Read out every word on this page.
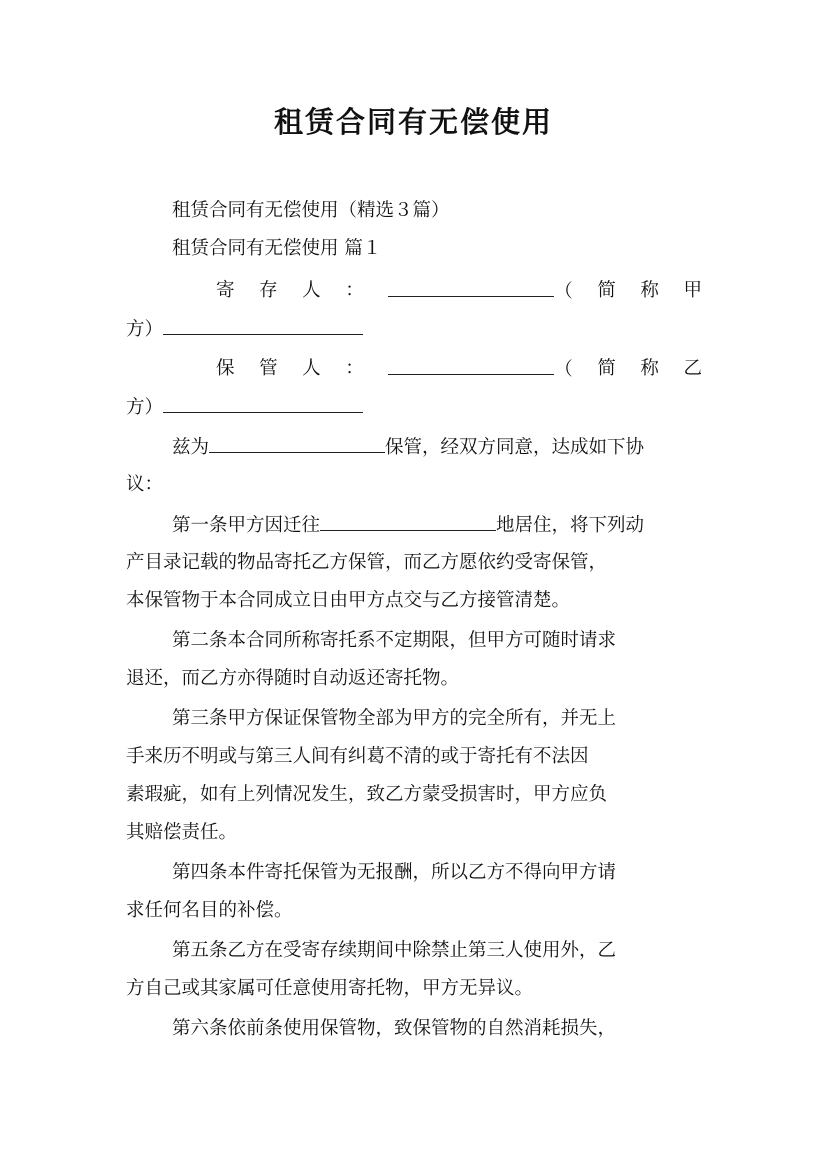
租赁合同有无偿使用
租赁合同有无偿使用（精选３篇）
租赁合同有无偿使用 篇１
寄 存 人 ：	（ 简 称 甲
方）
保 管 人 ：	（ 简 称 乙
方）
兹为	保管，经双方同意，达成如下协
议：
第一条甲方因迁往	地居住，将下列动
产目录记载的物品寄托乙方保管，而乙方愿依约受寄保管，
本保管物于本合同成立日由甲方点交与乙方接管清楚。
第二条本合同所称寄托系不定期限，但甲方可随时请求
退还，而乙方亦得随时自动返还寄托物。
第三条甲方保证保管物全部为甲方的完全所有，并无上
手来历不明或与第三人间有纠葛不清的或于寄托有不法因
素瑕疵，如有上列情况发生，致乙方蒙受损害时，甲方应负
其赔偿责任。
第四条本件寄托保管为无报酬，所以乙方不得向甲方请
求任何名目的补偿。
第五条乙方在受寄存续期间中除禁止第三人使用外，乙
方自己或其家属可任意使用寄托物，甲方无异议。
第六条依前条使用保管物，致保管物的自然消耗损失，
